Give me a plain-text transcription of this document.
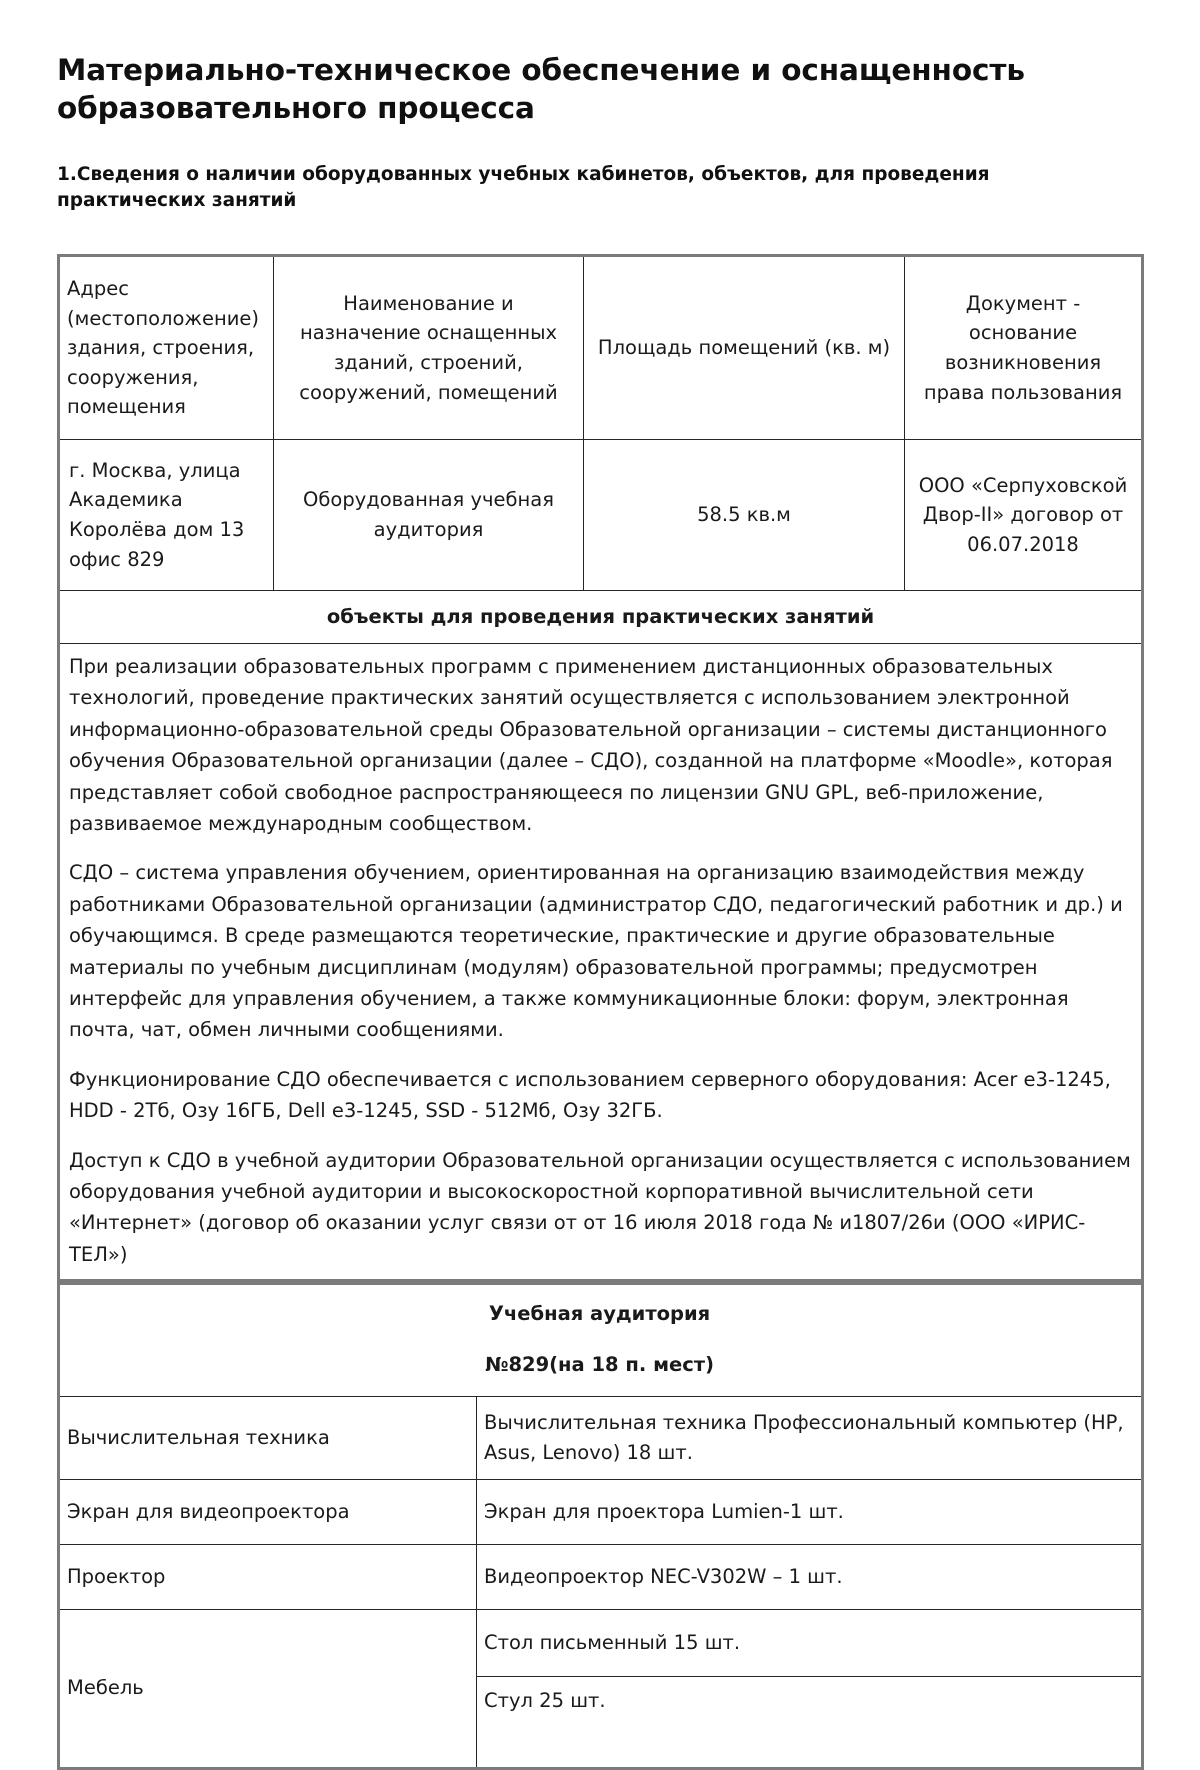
Материально-техническое обеспечение и оснащенность образовательного процесса
1.Сведения о наличии оборудованных учебных кабинетов, объектов, для проведения практических занятий
Адрес (местоположение) здания, строения, сооружения, помещения	Наименование и назначение оснащенных зданий, строений, сооружений, помещений	Площадь помещений (кв. м)	Документ - основание возникновения права пользования
г. Москва, улица Академика Королёва дом 13 офис 829	Оборудованная учебная аудитория	58.5 кв.м	ООО «Серпуховской Двор-II» договор от 06.07.2018
объекты для проведения практических занятий			

При реализации образовательных программ с применением дистанционных образовательных технологий, проведение практических занятий осуществляется с использованием электронной информационно-образовательной среды Образовательной организации – системы дистанционного обучения Образовательной организации (далее – СДО), созданной на платформе «Moodle», которая представляет собой свободное распространяющееся по лицензии GNU GPL, веб-приложение, развиваемое международным сообществом.

СДО – система управления обучением, ориентированная на организацию взаимодействия между работниками Образовательной организации (администратор СДО, педагогический работник и др.) и обучающимся. В среде размещаются теоретические, практические и другие образовательные материалы по учебным дисциплинам (модулям) образовательной программы; предусмотрен интерфейс для управления обучением, а также коммуникационные блоки: форум, электронная почта, чат, обмен личными сообщениями.

Функционирование СДО обеспечивается с использованием серверного оборудования: Acer e3-1245, HDD - 2Тб, Озу 16ГБ, Dell e3-1245, SSD - 512Мб, Озу 32ГБ.

Доступ к СДО в учебной аудитории Образовательной организации осуществляется с использованием оборудования учебной аудитории и высокоскоростной корпоративной вычислительной сети «Интернет» (договор об оказании услуг связи от от 16 июля 2018 года № и1807/26и (ООО «ИРИС-ТЕЛ»)			

Учебная аудитория
№829(на 18 п. мест)	

Вычислительная техника	Вычислительная техника Профессиональный компьютер (HP, Asus, Lenovo) 18 шт.
Экран для видеопроектора	Экран для проектора Lumien-1 шт.
Проектор	Видеопроектор NEC-V302W – 1 шт.
Мебель	Стол письменный 15 шт.
	Стул 25 шт.
